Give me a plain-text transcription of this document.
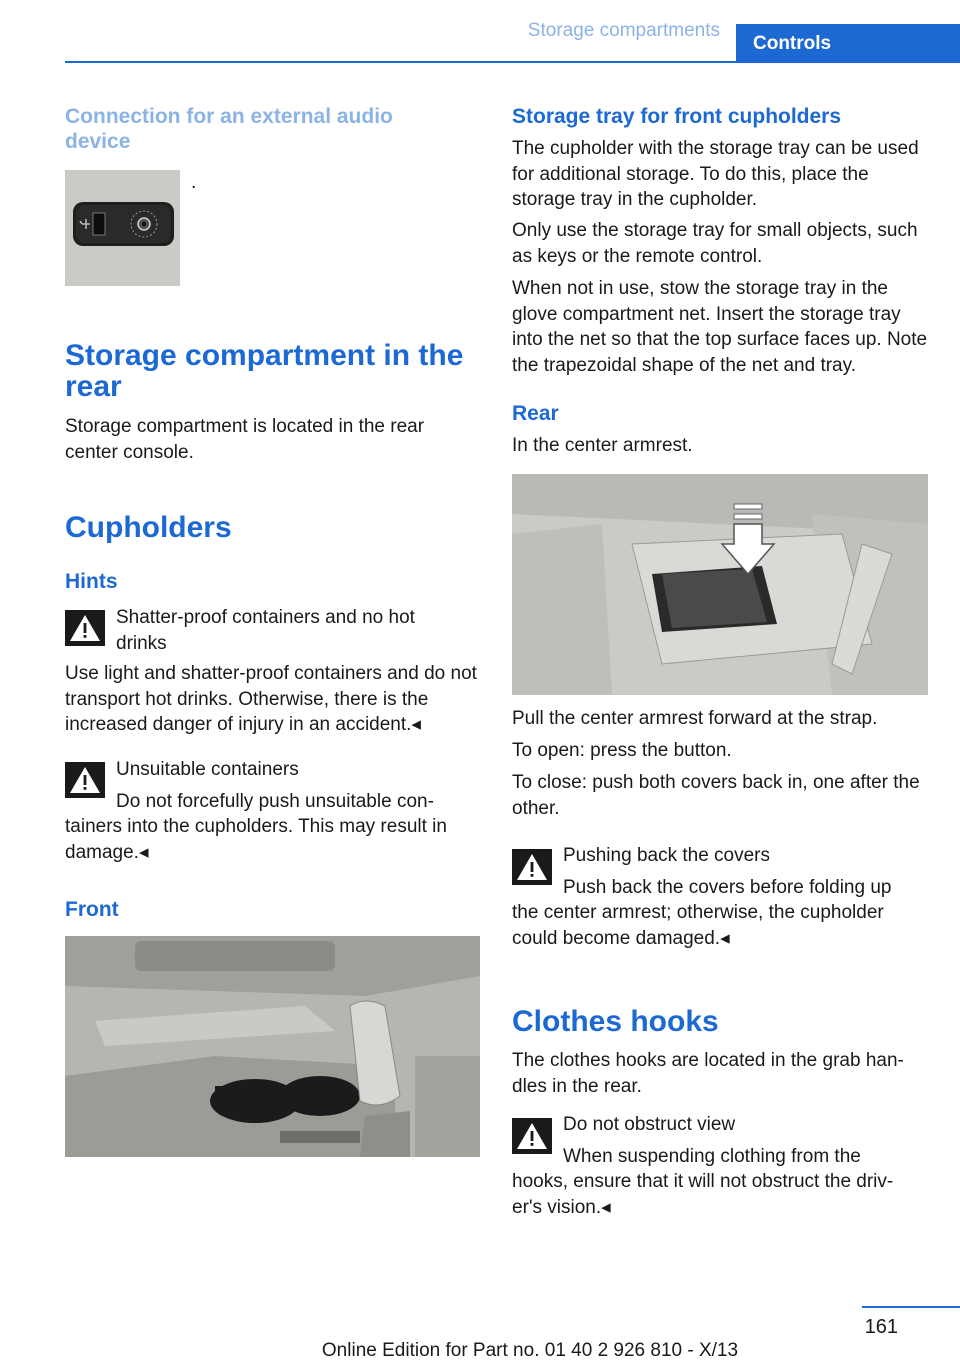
Storage compartments
Controls
Connection for an external audio device
.
Storage compartment in the rear

Storage compartment is located in the rear center console.

Cupholders
Hints

Shatter-proof containers and no hot drinks

Use light and shatter-proof containers and do not transport hot drinks. Otherwise, there is the increased danger of injury in an accident.◂

Unsuitable containers

Do not forcefully push unsuitable con-

tainers into the cupholders. This may result in damage.◂

Front
Storage tray for front cupholders

The cupholder with the storage tray can be used for additional storage. To do this, place the storage tray in the cupholder.

Only use the storage tray for small objects, such as keys or the remote control.

When not in use, stow the storage tray in the glove compartment net. Insert the storage tray into the net so that the top surface faces up. Note the trapezoidal shape of the net and tray.

Rear

In the center armrest.

Pull the center armrest forward at the strap.

To open: press the button.

To close: push both covers back in, one after the other.

Pushing back the covers

Push back the covers before folding up

the center armrest; otherwise, the cupholder could become damaged.◂

Clothes hooks

The clothes hooks are located in the grab han- dles in the rear.

Do not obstruct view

When suspending clothing from the

hooks, ensure that it will not obstruct the driv- er's vision.◂

161
Online Edition for Part no. 01 40 2 926 810 - X/13
